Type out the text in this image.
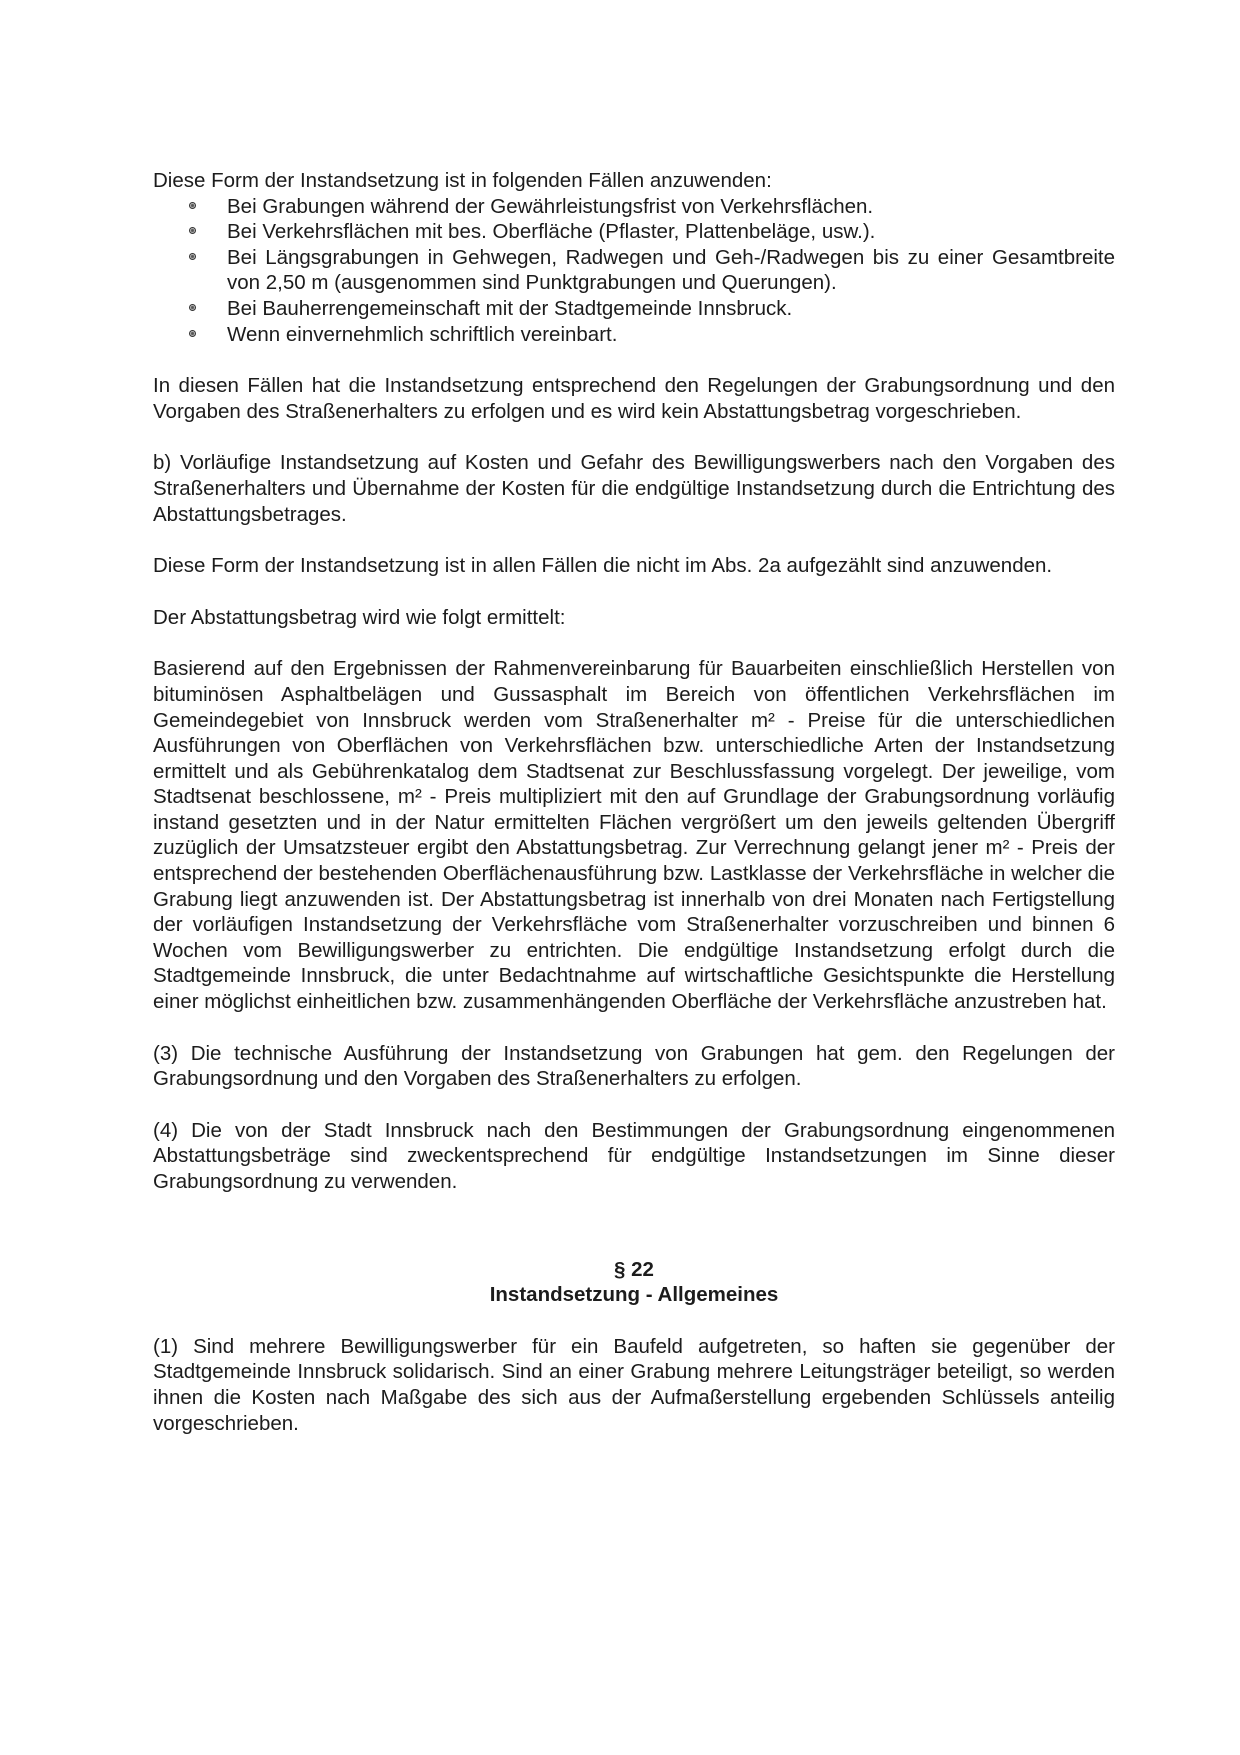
Diese Form der Instandsetzung ist in folgenden Fällen anzuwenden:

Bei Grabungen während der Gewährleistungsfrist von Verkehrsflächen.
Bei Verkehrsflächen mit bes. Oberfläche (Pflaster, Plattenbeläge, usw.).
Bei Längsgrabungen in Gehwegen, Radwegen und Geh-/Radwegen bis zu einer Gesamtbreite von 2,50 m (ausgenommen sind Punktgrabungen und Querungen).
Bei Bauherrengemeinschaft mit der Stadtgemeinde Innsbruck.
Wenn einvernehmlich schriftlich vereinbart.

In diesen Fällen hat die Instandsetzung entsprechend den Regelungen der Grabungsordnung und den Vorgaben des Straßenerhalters zu erfolgen und es wird kein Abstattungsbetrag vorgeschrieben.

b) Vorläufige Instandsetzung auf Kosten und Gefahr des Bewilligungswerbers nach den Vorgaben des Straßenerhalters und Übernahme der Kosten für die endgültige Instandsetzung durch die Entrichtung des Abstattungsbetrages.

Diese Form der Instandsetzung ist in allen Fällen die nicht im Abs. 2a aufgezählt sind anzuwenden.

Der Abstattungsbetrag wird wie folgt ermittelt:

Basierend auf den Ergebnissen der Rahmenvereinbarung für Bauarbeiten einschließlich Herstellen von bituminösen Asphaltbelägen und Gussasphalt im Bereich von öffentlichen Verkehrsflächen im Gemeindegebiet von Innsbruck werden vom Straßenerhalter m² - Preise für die unterschiedlichen Ausführungen von Oberflächen von Verkehrsflächen bzw. unterschiedliche Arten der Instandsetzung ermittelt und als Gebührenkatalog dem Stadtsenat zur Beschlussfassung vorgelegt. Der jeweilige, vom Stadtsenat beschlossene, m² - Preis multipliziert mit den auf Grundlage der Grabungsordnung vorläufig instand gesetzten und in der Natur ermittelten Flächen vergrößert um den jeweils geltenden Übergriff zuzüglich der Umsatzsteuer ergibt den Abstattungsbetrag. Zur Verrechnung gelangt jener m² - Preis der entsprechend der bestehenden Oberflächenausführung bzw. Lastklasse der Verkehrsfläche in welcher die Grabung liegt anzuwenden ist. Der Abstattungsbetrag ist innerhalb von drei Monaten nach Fertigstellung der vorläufigen Instandsetzung der Verkehrsfläche vom Straßenerhalter vorzuschreiben und binnen 6 Wochen vom Bewilligungswerber zu entrichten. Die endgültige Instandsetzung erfolgt durch die Stadtgemeinde Innsbruck, die unter Bedachtnahme auf wirtschaftliche Gesichtspunkte die Herstellung einer möglichst einheitlichen bzw. zusammenhängenden Oberfläche der Verkehrsfläche anzustreben hat.

(3) Die technische Ausführung der Instandsetzung von Grabungen hat gem. den Regelungen der Grabungsordnung und den Vorgaben des Straßenerhalters zu erfolgen.

(4) Die von der Stadt Innsbruck nach den Bestimmungen der Grabungsordnung eingenommenen Abstattungsbeträge sind zweckentsprechend für endgültige Instandsetzungen im Sinne dieser Grabungsordnung zu verwenden.

§ 22

Instandsetzung - Allgemeines

(1) Sind mehrere Bewilligungswerber für ein Baufeld aufgetreten, so haften sie gegenüber der Stadtgemeinde Innsbruck solidarisch. Sind an einer Grabung mehrere Leitungsträger beteiligt, so werden ihnen die Kosten nach Maßgabe des sich aus der Aufmaßerstellung ergebenden Schlüssels anteilig vorgeschrieben.
